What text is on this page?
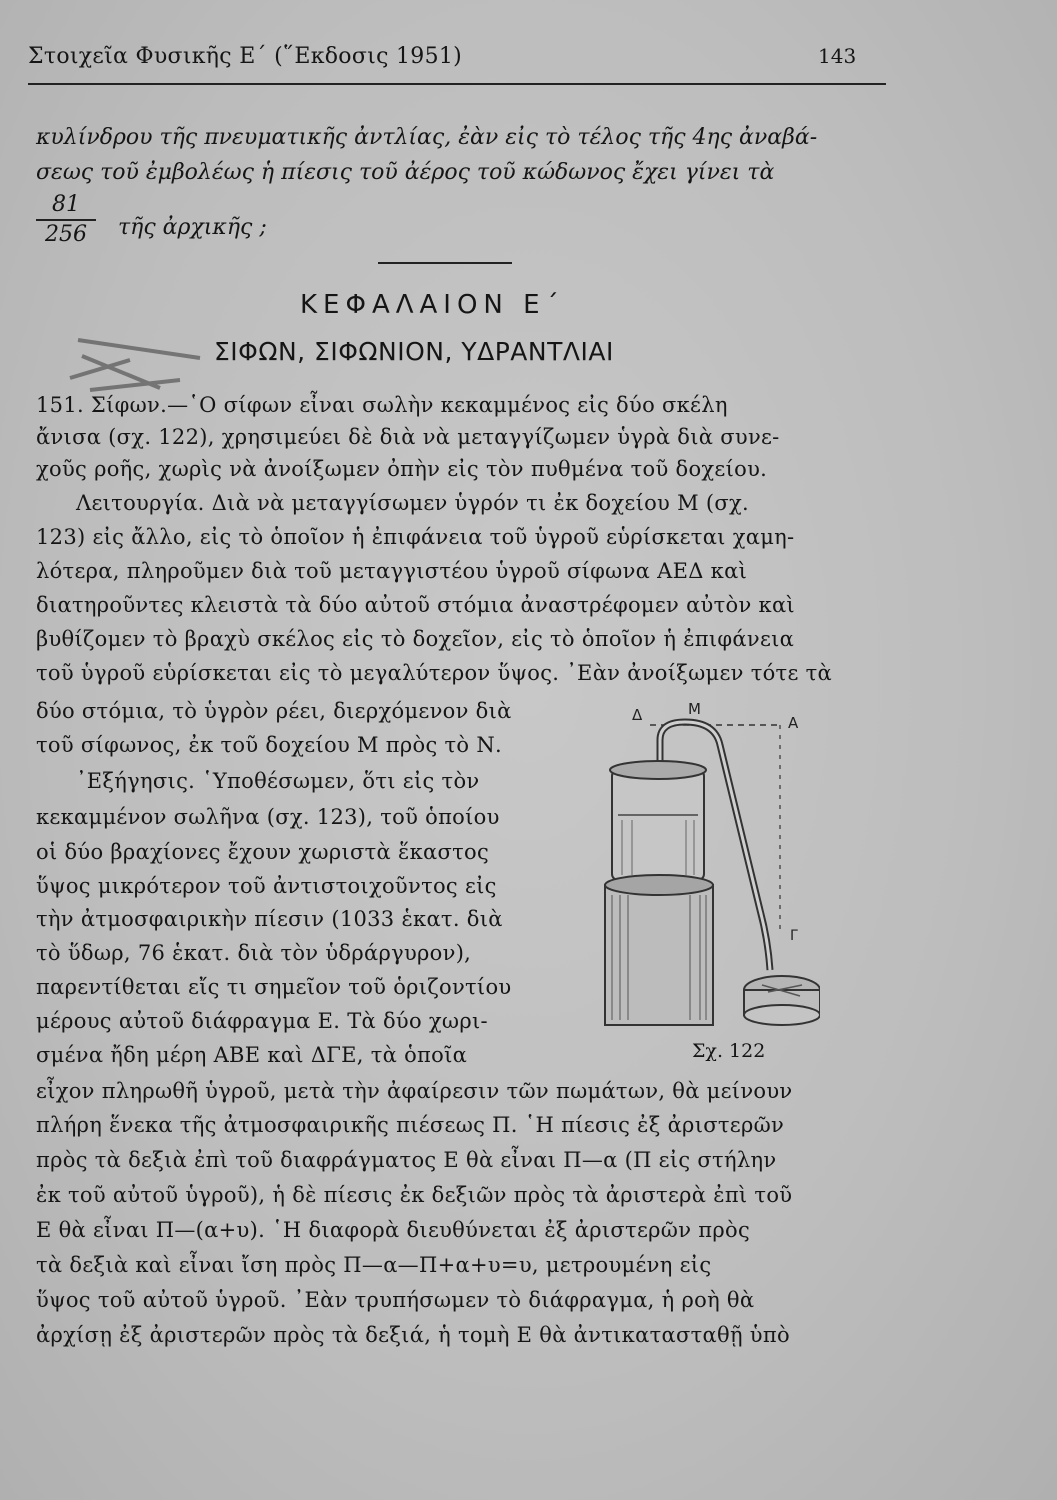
Στοιχεῖα Φυσικῆς Ε΄ (῞Εκδοσις 1951)	143
κυλίνδρου τῆς πνευματικῆς ἀντλίας, ἐὰν εἰς τὸ τέλος τῆς 4ης ἀναβά-
σεως τοῦ ἐμβολέως ἡ πίεσις τοῦ ἀέρος τοῦ κώδωνος ἔχει γίνει τὰ
81
256	τῆς ἀρχικῆς ;
ΚΕΦΑΛΑΙΟΝ Ε΄
ΣΙΦΩΝ, ΣΙΦΩΝΙΟΝ, ΥΔΡΑΝΤΛΙΑΙ
151. Σίφων.—῾Ο σίφων εἶναι σωλὴν κεκαμμένος εἰς δύο σκέλη
ἄνισα (σχ. 122), χρησιμεύει δὲ διὰ νὰ μεταγγίζωμεν ὑγρὰ διὰ συνε-
χοῦς ροῆς, χωρὶς νὰ ἀνοίξωμεν ὀπὴν εἰς τὸν πυθμένα τοῦ δοχείου.
Λειτουργία. Διὰ νὰ μεταγγίσωμεν ὑγρόν τι ἐκ δοχείου Μ (σχ.
123) εἰς ἄλλο, εἰς τὸ ὁποῖον ἡ ἐπιφάνεια τοῦ ὑγροῦ εὑρίσκεται χαμη-
λότερα, πληροῦμεν διὰ τοῦ μεταγγιστέου ὑγροῦ σίφωνα ΑΕΔ καὶ
διατηροῦντες κλειστὰ τὰ δύο αὐτοῦ στόμια ἀναστρέφομεν αὐτὸν καὶ
βυθίζομεν τὸ βραχὺ σκέλος εἰς τὸ δοχεῖον, εἰς τὸ ὁποῖον ἡ ἐπιφάνεια
τοῦ ὑγροῦ εὑρίσκεται εἰς τὸ μεγαλύτερον ὕψος. ᾿Εὰν ἀνοίξωμεν τότε τὰ
δύο στόμια, τὸ ὑγρὸν ρέει, διερχόμενον διὰ
τοῦ σίφωνος, ἐκ τοῦ δοχείου Μ πρὸς τὸ Ν.
᾿Εξήγησις. ῾Υποθέσωμεν, ὅτι εἰς τὸν
κεκαμμένον σωλῆνα (σχ. 123), τοῦ ὁποίου
οἱ δύο βραχίονες ἔχουν χωριστὰ ἕκαστος
ὕψος μικρότερον τοῦ ἀντιστοιχοῦντος εἰς
τὴν ἀτμοσφαιρικὴν πίεσιν (1033 ἑκατ. διὰ
τὸ ὕδωρ, 76 ἑκατ. διὰ τὸν ὑδράργυρον),
παρεντίθεται εἴς τι σημεῖον τοῦ ὁριζοντίου
μέρους αὐτοῦ διάφραγμα Ε. Τὰ δύο χωρι-
σμένα ἤδη μέρη ΑΒΕ καὶ ΔΓΕ, τὰ ὁποῖα
εἶχον πληρωθῆ ὑγροῦ, μετὰ τὴν ἀφαίρεσιν τῶν πωμάτων, θὰ μείνουν
πλήρη ἕνεκα τῆς ἀτμοσφαιρικῆς πιέσεως Π. ῾Η πίεσις ἐξ ἀριστερῶν
πρὸς τὰ δεξιὰ ἐπὶ τοῦ διαφράγματος Ε θὰ εἶναι Π—α (Π εἰς στήλην
ἐκ τοῦ αὐτοῦ ὑγροῦ), ἡ δὲ πίεσις ἐκ δεξιῶν πρὸς τὰ ἀριστερὰ ἐπὶ τοῦ
Ε θὰ εἶναι Π—(α+υ). ῾Η διαφορὰ διευθύνεται ἐξ ἀριστερῶν πρὸς
τὰ δεξιὰ καὶ εἶναι ἴση πρὸς Π—α—Π+α+υ=υ, μετρουμένη εἰς
ὕψος τοῦ αὐτοῦ ὑγροῦ. ᾿Εὰν τρυπήσωμεν τὸ διάφραγμα, ἡ ροὴ θὰ
ἀρχίσῃ ἐξ ἀριστερῶν πρὸς τὰ δεξιά, ἡ τομὴ Ε θὰ ἀντικατασταθῇ ὑπὸ
Δ	Μ
Α
Γ
Σχ. 122
